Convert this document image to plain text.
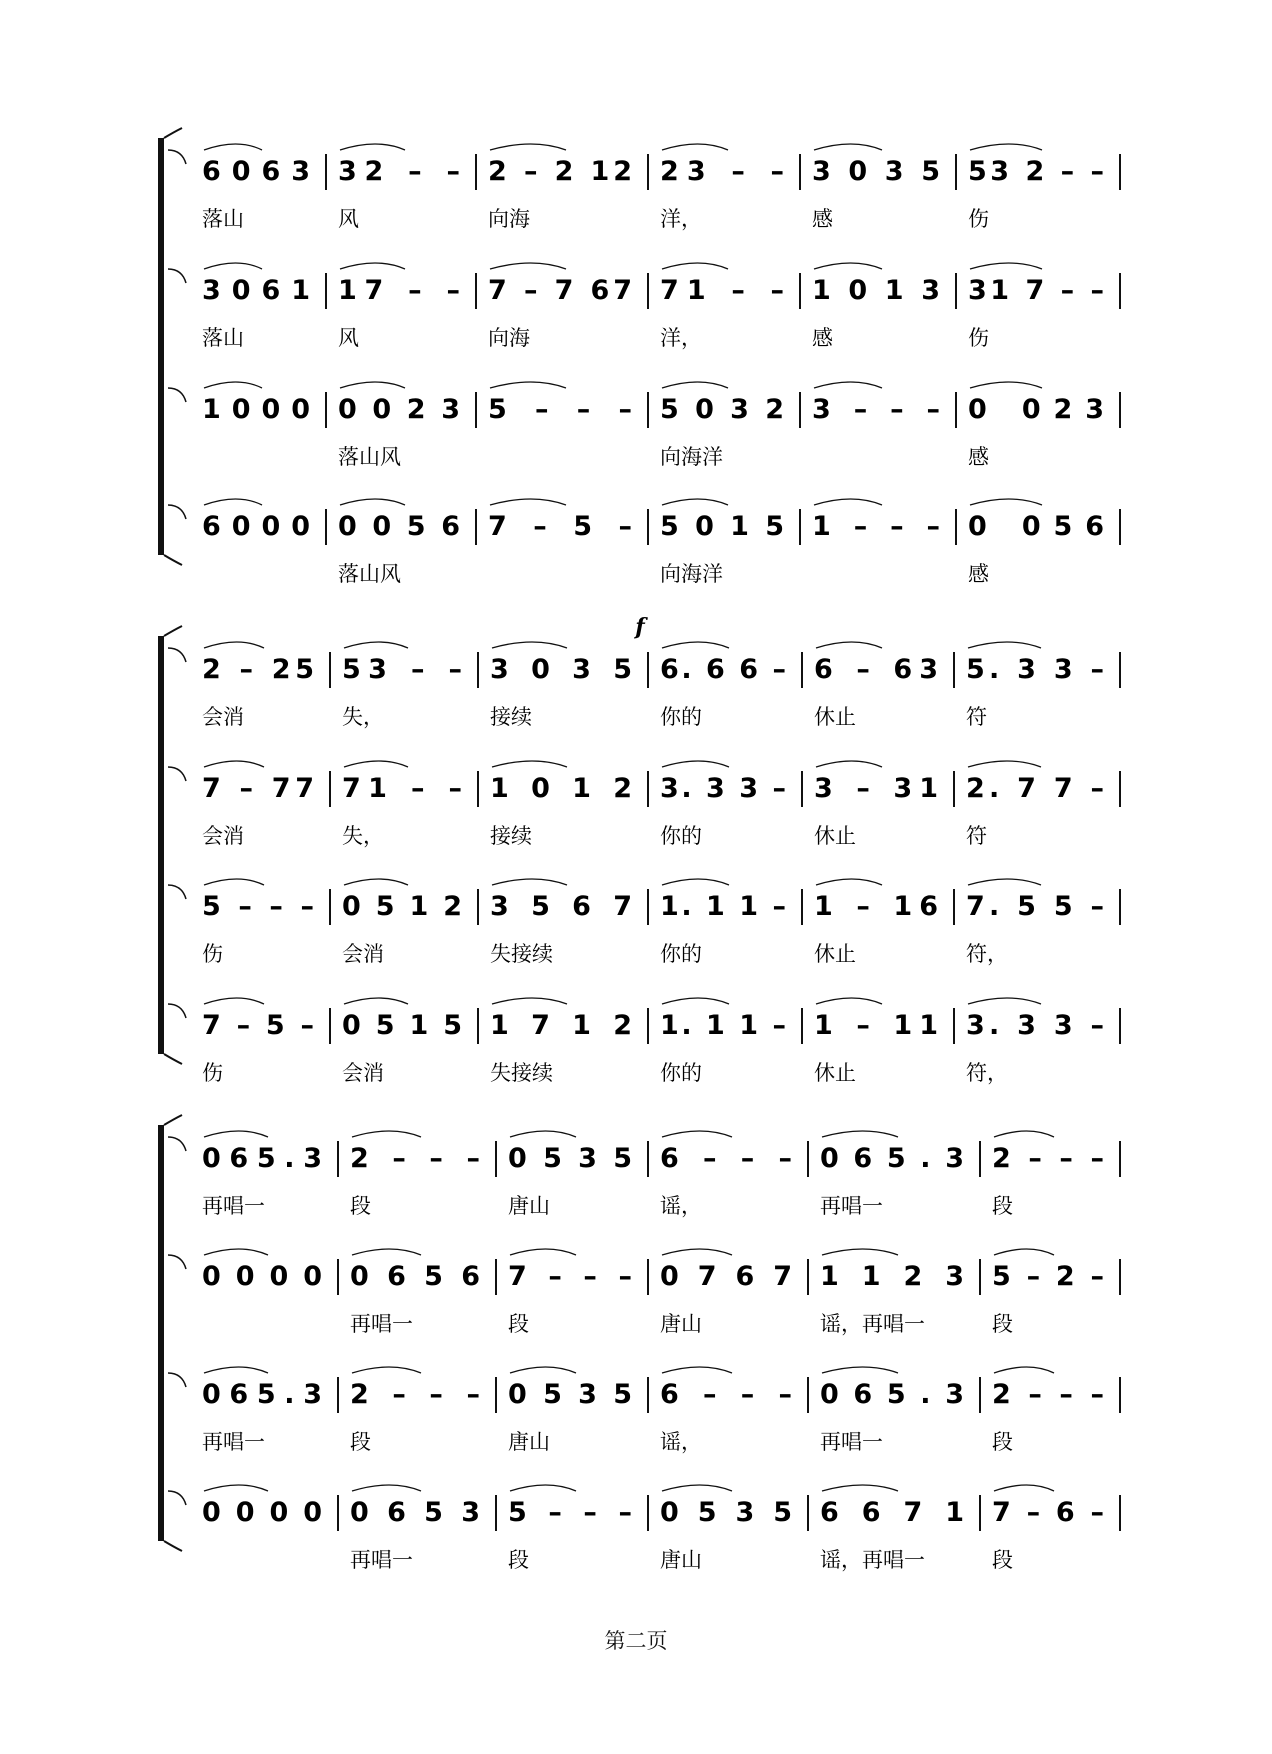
6063
落山
32 – –
风
2 – 2 12
向海
23 – –
洋，
3035
感
53 2 – –
伤
3061
落山
17 – –
风
7 – 7 67
向海
71 – –
洋，
1013
感
31 7 – –
伤
1000 0023
落山风
5 – – – 5032
向海洋
3 – – – 0 023
感
6000 0056
落山风
7 – 5 – 5015
向海洋
1 – – – 0 056
感
f
2 – 25
会消
53 – –
失，
3035
接续
6. 6 6 –
你的
6 – 63
休止
5. 3 3 –
符
7 – 77
会消
71 – –
失，
1012
接续
3. 3 3 –
你的
3 – 31
休止
2. 7 7 –
符
5 – – –
伤
0512
会消
3567
失接续
1. 1 1 –
你的
1 – 16
休止
7. 5 5 –
符，
7 – 5 –
伤
0515
会消
1712
失接续
1. 1 1 –
你的
1 – 11
休止
3. 3 3 –
符，
065.3
再唱一
2 – – –
段
0535
唐山
6 – – –
谣，
065.3
再唱一
2 – – –
段
0000 0656
再唱一
7 – – –
段
0767
唐山
1123
谣，再唱一
5 – 2 –
段
065.3
再唱一
2 – – –
段
0535
唐山
6 – – –
谣，
065.3
再唱一
2 – – –
段
0000 0653
再唱一
5 – – –
段
0535
唐山
6671
谣，再唱一
7 – 6 –
段
第二页
